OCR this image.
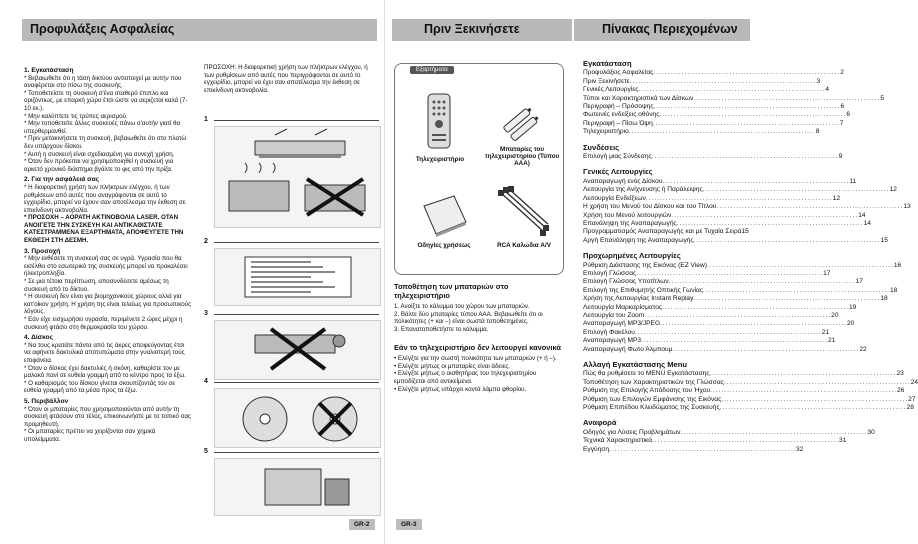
Προφυλάξεις Ασφαλείας

1. Εγκατάσταση

* Βεβαιωθείτε ότι η τάση δικτύου αντιστοιχεί με αυτήν που αναφέρεται στο πίσω της συσκευής.

* Τοποθετείστε τη συσκευή σ'ένα σταθερό έπιπλο και οριζόντιως, με επαρκή χώρο έτσι ώστε να αεριζεται καλά (7-10 εκ.).

* Μην καλύπτετε τις τρύπες αερισμού.

* Μην τοποθετείτε άλλες συσκευές πάνω σ'αυτήν γιατί θα υπερθερμανθεί.

* Πριν μετακινήσετε τη συσκευή, βεβαιωθείτε ότι στο πλατώ δεν υπάρχουν δίσκοι.

* Αυτή η συσκευή είναι σχεδιασμένη για συνεχή χρήση.

* Όταν δεν πρόκειται να χρησιμοποιηθεί η συσκευή για αρκετό χρονικό διάστημα βγάλτε το φις από την πρίζα.

2. Για την ασφάλειά σας

* Η διαφορετική χρήση των πλήκτρων ελέγχου, ή των ρυθμίσεων από αυτές που αναγράφονται σε αυτό το εγχειρίδιο, μπορεί να έχουν σαν αποτέλεσμα την έκθεση σε επικίνδυνη ακτινοβολία.

* ΠΡΟΣΟΧΗ – ΑΟΡΑΤΗ ΑΚΤΙΝΟΒΟΛΙΑ LASER. ΟΤΑΝ ΑΝΟΙΓΕΤΕ ΤΗΝ ΣΥΣΚΕΥΗ ΚΑΙ ΑΝΤΙΚΑΘΙΣΤΑΤΕ ΚΑΤΕΣΤΡΑΜΜΕΝΑ ΕΞΑΡΤΗΜΑΤΑ, ΑΠΟΦΕΥΓΕΤΕ ΤΗΝ ΕΚΘΕΣΗ ΣΤΗ ΔΕΣΜΗ.

3. Προσοχή

* Μην εκθέσετε τη συσκευή σας σε υγρά. Υγρασία που θα εισέλθει στο εσωτερικό της συσκευής μπορεί να προκαλέσει ηλεκτροπληξία.

* Σε μια τέτοια περίπτωση, αποσυνδέσετε αμέσως τη συσκευή από το δίκτυο.

* Η συσκευή δεν είναι για βιομηχανικούς χώρους αλλά για κατ'οίκον χρήση. Η χρήση της είναι τελείως για προσωπικούς λόγους.

* Εάν είχε εισχωρήσει υγρασία, περιμένετε 2 ώρες μέχρι η συσκευή φτάσει στη θερμοκρασία του χώρου.

4. Δίσκος

* Να τους κρατάτε πάντα από τις άκρες αποφεύγοντας έτσι να αφήνετε δακτυλικά αποτυπώματα στην γυαλιστερή τους επιφάνεια.

* Όταν ο δίσκος έχει δακτυλιές ή σκόνη, καθαρίστε τον με μαλακό πανί σε ευθεία γραμμή από το κέντρο προς τα έξω.

* Ο καθαρισμός του δίσκου γίνεται σκουπίζοντάς τον σε ευθεία γραμμή από τα μέσα προς τα έξω.

5. Περιβάλλον

* Όταν οι μπαταρίες που χρησιμοποιούνται από αυτήν τη συσκευή φτάσουν στο τέλος, επικοινωνήστε με το τοπικό σας προμηθευτή.

* Οι μπαταρίες πρέπει να χειρίζονται σαν χημικά υπολείμματα.

ΠΡΟΣΟΧΗ: Η διαφορετική χρήση των πλήκτρων ελέγχου, ή των ρυθμίσεων από αυτές που περιγράφονται σε αυτό το εγχειρίδιο, μπορεί να έχει σαν αποτέλεσμα την έκθεση σε επικίνδυνη ακτινοβολία.

1
2
3
4
5
GR-2
Πριν Ξεκινήσετε	Πίνακας Περιεχομένων
Εξαρτήματα
Τηλεχειριστήριο
Μπαταρίες του τηλεχειριστηρίου (Τύπου ΑΑΑ)
Οδηγίες χρήσεως	RCA Καλώδια A/V
Τοποθέτηση των μπαταριών στο τηλεχειριστήριο
1. Ανοίξτε το κάλυμμα του χώρου των μπαταριών.
2. Βάλτε δύο μπαταρίες τύπου ΑΑΑ. Βεβαιωθείτε ότι οι πολικότητες (+ και –) είναι σωστά τοποθετημένες.
3. Επανατοποθετήστε το κάλυμμα.
Εάν το τηλεχειριστήριο δεν λειτουργεί κανονικά
• Ελέγξτε για την σωστή πολικότητα των μπαταριών (+ ή –).
• Ελέγξτε μήπως οι μπαταρίες είναι άδειες.
• Ελέγξτε μήπως ο αισθητήρας του τηλεχειριστηρίου εμποδίζεται από αντικείμενα.
• Ελέγξτε μήπως υπάρχει κοντά λάμπα φθορίου.
Εγκατάσταση
Προφυλάξεις Ασφαλείας .................................................................. 2
Πριν Ξεκινήσετε .................................................................. 3
Γενικές Λειτουργίες .................................................................. 4
Τύποι και Χαρακτηριστικά των Δίσκων .................................................................. 5
Περιγραφή – Πρόσοψης .................................................................. 6
Φωτεινές ενδείξεις οθόνης .................................................................. 6
Περιγραφή – Πίσω Όψη .................................................................. 7
Τηλεχειριστήριο .................................................................. 8
Συνδέσεις
Επιλογή μιας Σύνδεσης .................................................................. 9
Γενικές Λειτουργίες
Αναπαραγωγή ενός Δίσκου .................................................................. 11
Λειτουργία της Ανίχνευσης ή Παράλειψης .................................................................. 12
Λειτουργία Ενδείξεων .................................................................. 12
Η χρήση του Μενού του Δίσκου και του Τίτλου .................................................................. 13
Χρήση του Μενού λειτουργιών .................................................................. 14
Επανάληψη της Αναπαραγωγής .................................................................. 14
Προγραμματισμός Αναπαραγωγής και με Τυχαία Σειρά 15
Αργή Επανάληψη της Αναπαραγωγής .................................................................. 15
Προχωρημένες Λειτουργίες
Ρύθμιση Διάστασης της Εικόνας (EZ View) .................................................................. 16
Επιλογή Γλώσσας .................................................................. 17
Επιλογή Γλώσσας Υποτίτλων .................................................................. 17
Επιλογή της Επιθυμητής Οπτικής Γωνίας .................................................................. 18
Χρήση της Λειτουργίας Instant Replay .................................................................. 18
Λειτουργία Μαρκαρίσματος .................................................................. 19
Λειτουργία του Zoom .................................................................. 20
Αναπαραγωγή MP3/JPEG .................................................................. 20
Επιλογή Φακέλου .................................................................. 21
Αναπαραγωγή MP3 .................................................................. 21
Αναπαραγωγή Φωτο Άλμπουμ .................................................................. 22
Αλλαγή Εγκατάστασης Menu
Πώς θα ρυθμίσετε το MENU Εγκατάστασης .................................................................. 23
Τοποθέτηση των Χαρακτηριστικών της Γλώσσας .................................................................. 24
Ρύθμιση της Επιλογής Απόδοσης του Ήχου .................................................................. 26
Ρύθμιση των Επιλογών Εμφάνισης της Εικόνας .................................................................. 27
Ρύθμιση Επιπέδου Κλειδώματος της Συσκευής .................................................................. 28
Αναφορά
Οδηγός για Λύσεις Προβλημάτων .................................................................. 30
Τεχνικά Χαρακτηριστικά .................................................................. 31
Εγγύηση .................................................................. 32
GR-3
